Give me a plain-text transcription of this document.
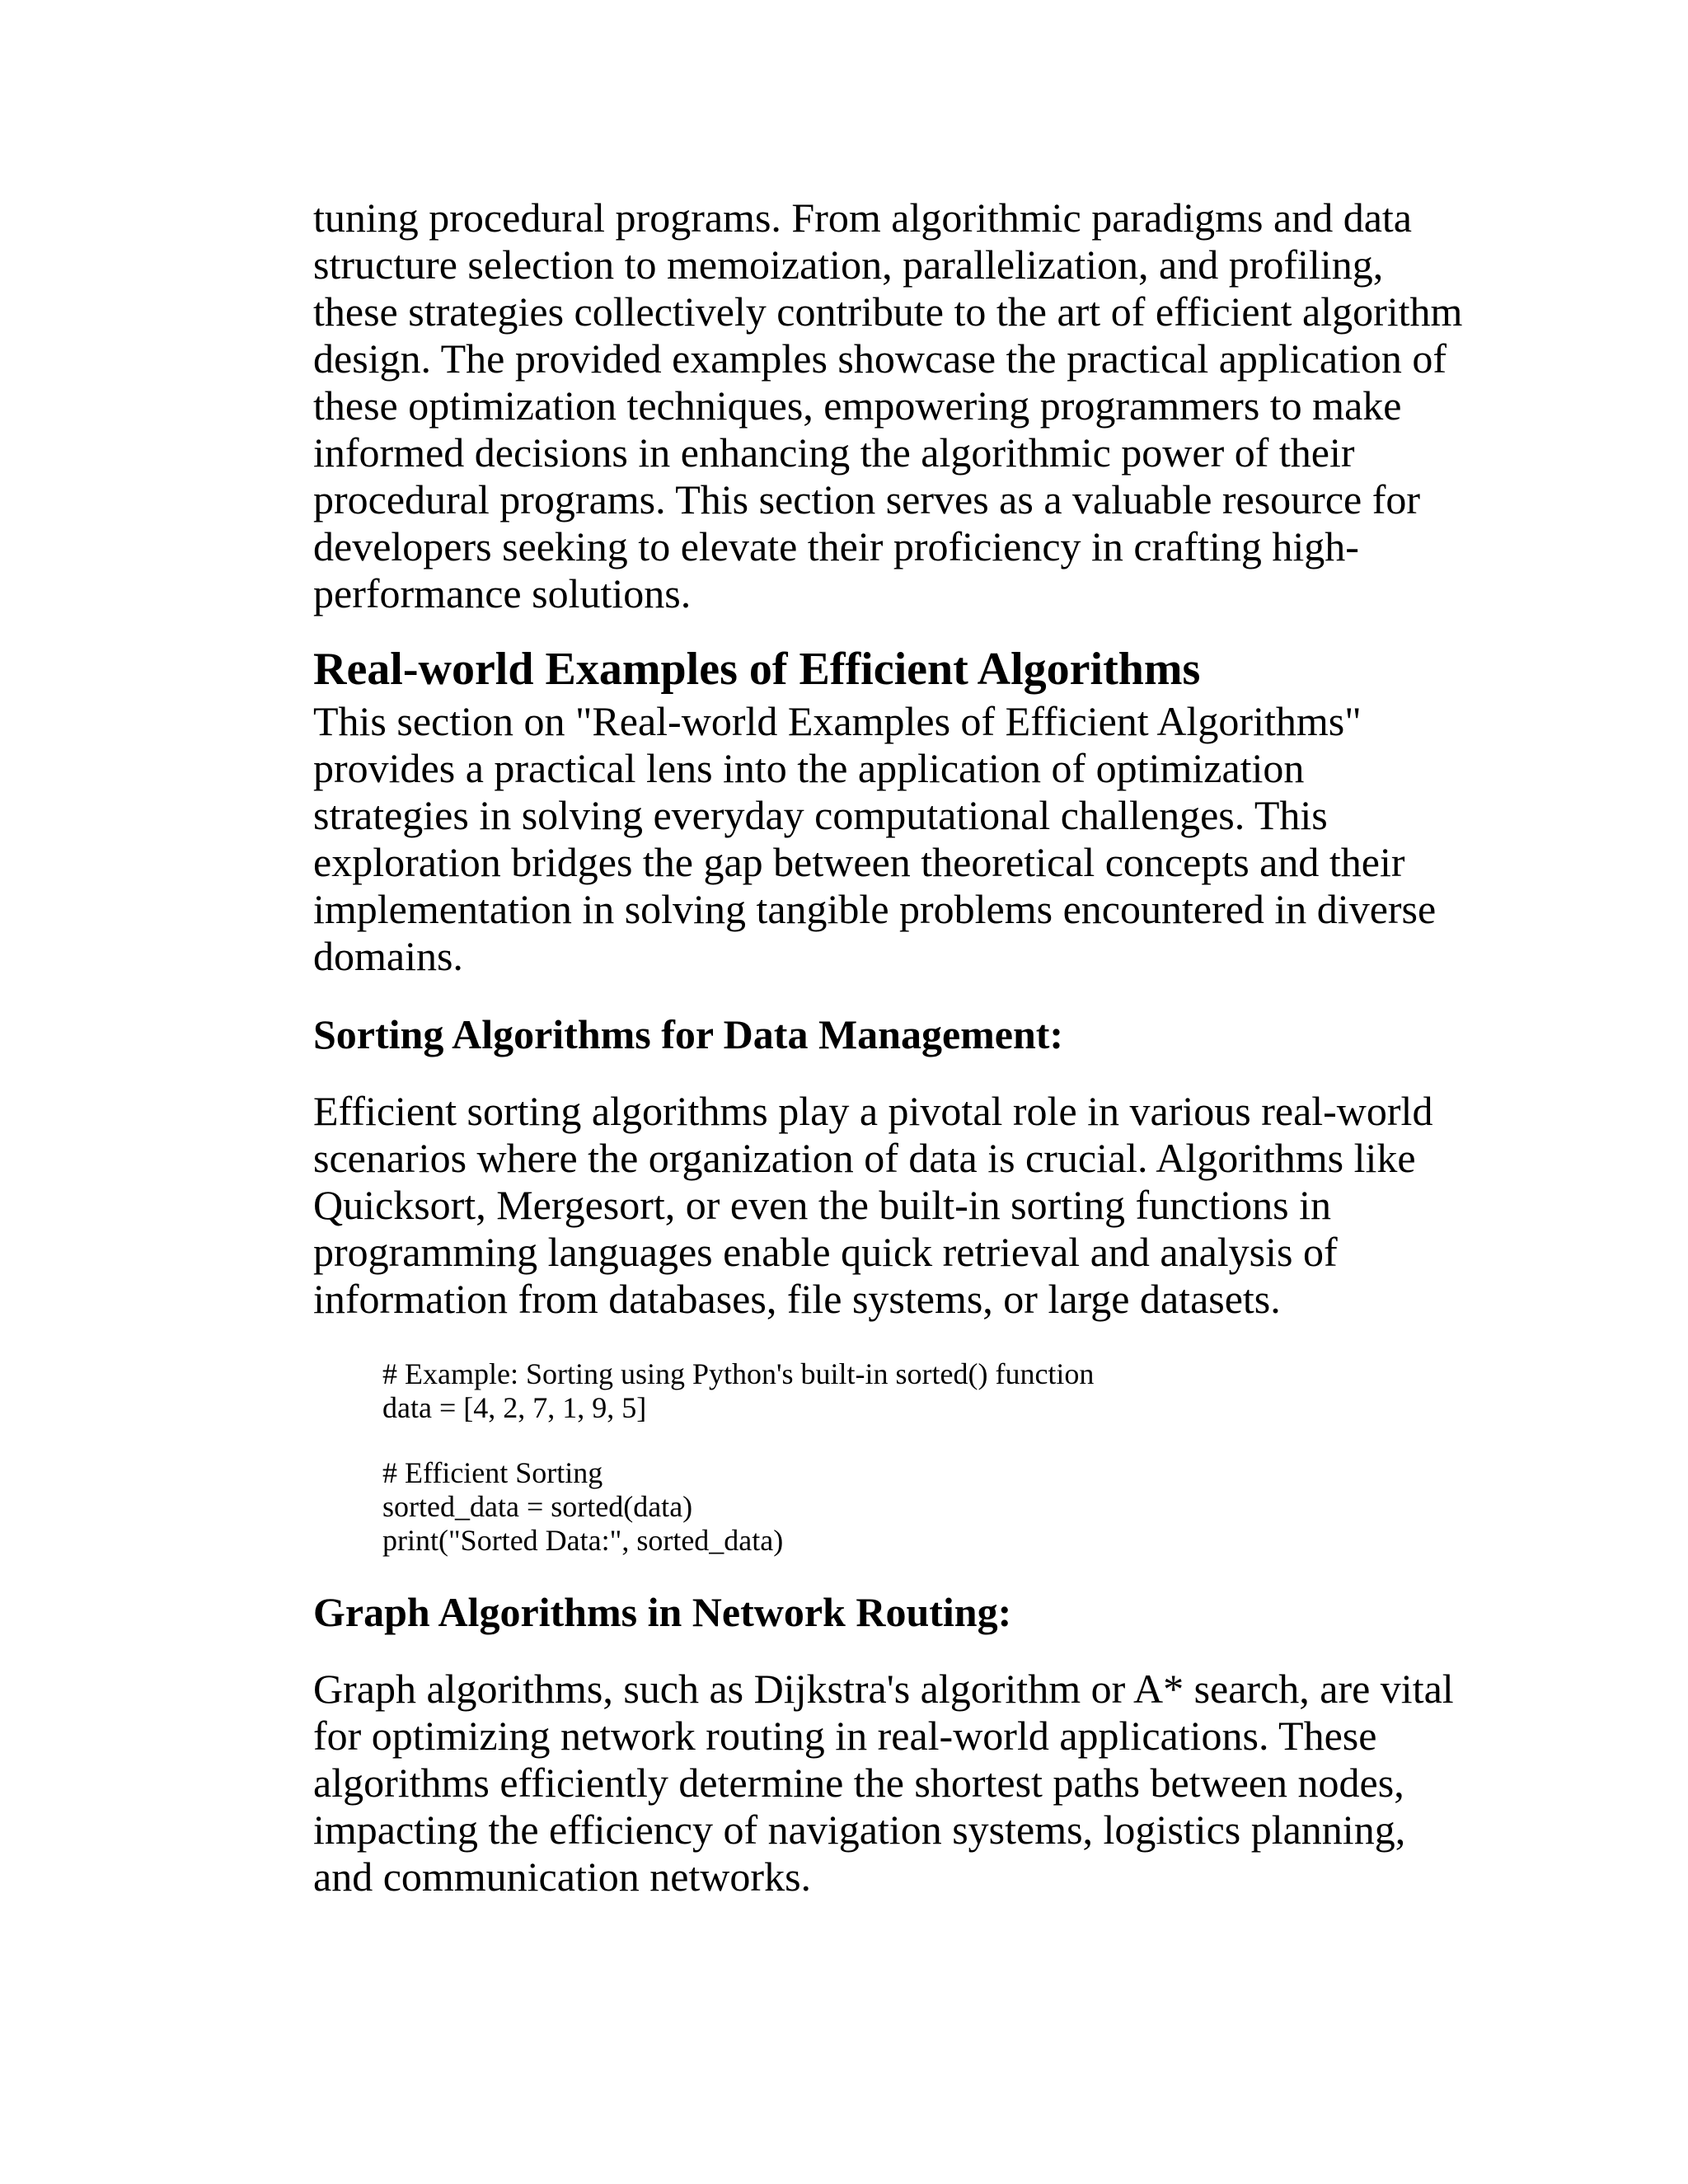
tuning procedural programs. From algorithmic paradigms and data
structure selection to memoization, parallelization, and profiling,
these strategies collectively contribute to the art of efficient algorithm
design. The provided examples showcase the practical application of
these optimization techniques, empowering programmers to make
informed decisions in enhancing the algorithmic power of their
procedural programs. This section serves as a valuable resource for
developers seeking to elevate their proficiency in crafting high-
performance solutions.

Real-world Examples of Efficient Algorithms

This section on "Real-world Examples of Efficient Algorithms"
provides a practical lens into the application of optimization
strategies in solving everyday computational challenges. This
exploration bridges the gap between theoretical concepts and their
implementation in solving tangible problems encountered in diverse
domains.

Sorting Algorithms for Data Management:

Efficient sorting algorithms play a pivotal role in various real-world
scenarios where the organization of data is crucial. Algorithms like
Quicksort, Mergesort, or even the built-in sorting functions in
programming languages enable quick retrieval and analysis of
information from databases, file systems, or large datasets.

# Example: Sorting using Python's built-in sorted() function
data = [4, 2, 7, 1, 9, 5]
# Efficient Sorting
sorted_data = sorted(data)
print("Sorted Data:", sorted_data)
Graph Algorithms in Network Routing:

Graph algorithms, such as Dijkstra's algorithm or A* search, are vital
for optimizing network routing in real-world applications. These
algorithms efficiently determine the shortest paths between nodes,
impacting the efficiency of navigation systems, logistics planning,
and communication networks.
